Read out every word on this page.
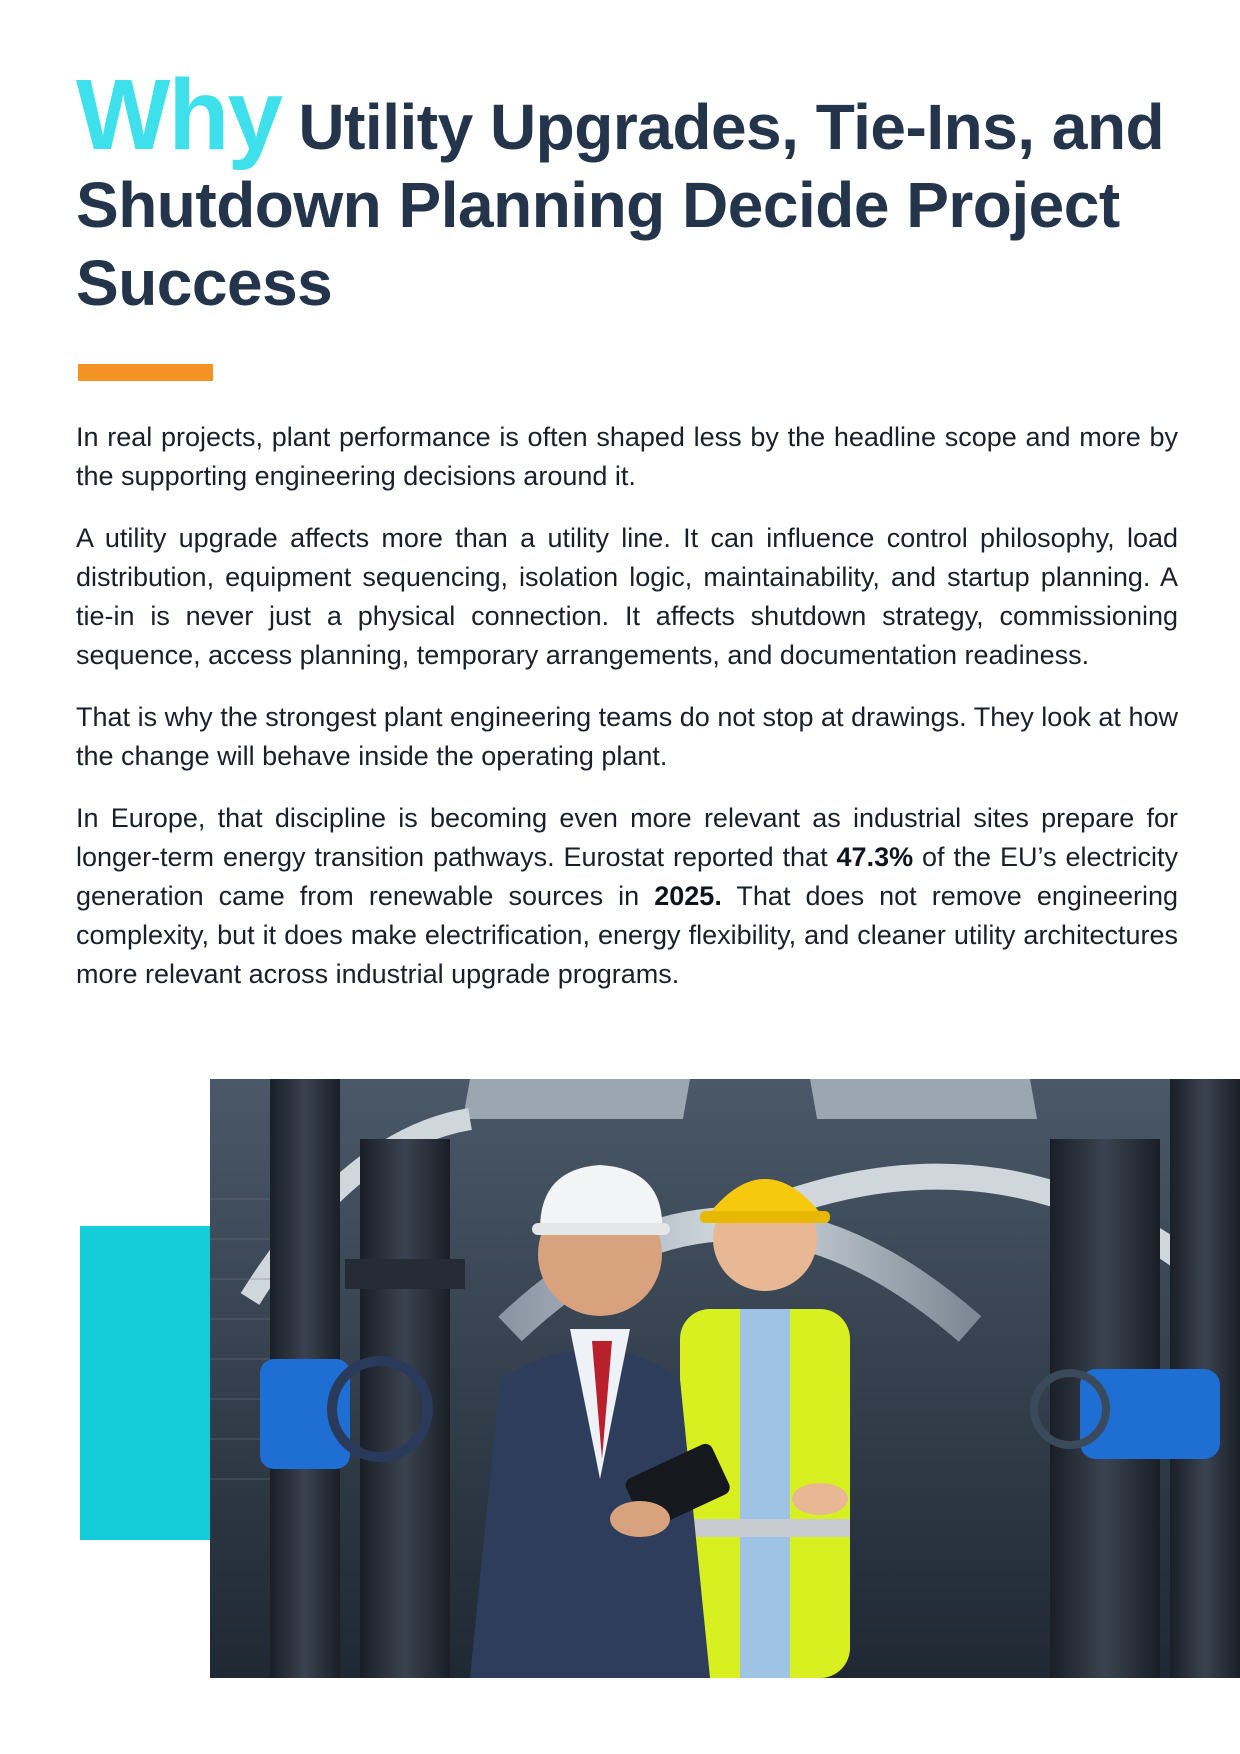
Why Utility Upgrades, Tie-Ins, and Shutdown Planning Decide Project Success

In real projects, plant performance is often shaped less by the headline scope and more by the supporting engineering decisions around it.

A utility upgrade affects more than a utility line. It can influence control philosophy, load distribution, equipment sequencing, isolation logic, maintainability, and startup planning. A tie-in is never just a physical connection. It affects shutdown strategy, commissioning sequence, access planning, temporary arrangements, and documentation readiness.

That is why the strongest plant engineering teams do not stop at drawings. They look at how the change will behave inside the operating plant.

In Europe, that discipline is becoming even more relevant as industrial sites prepare for longer-term energy transition pathways. Eurostat reported that 47.3% of the EU’s electricity generation came from renewable sources in 2025. That does not remove engineering complexity, but it does make electrification, energy flexibility, and cleaner utility architectures more relevant across industrial upgrade programs.
